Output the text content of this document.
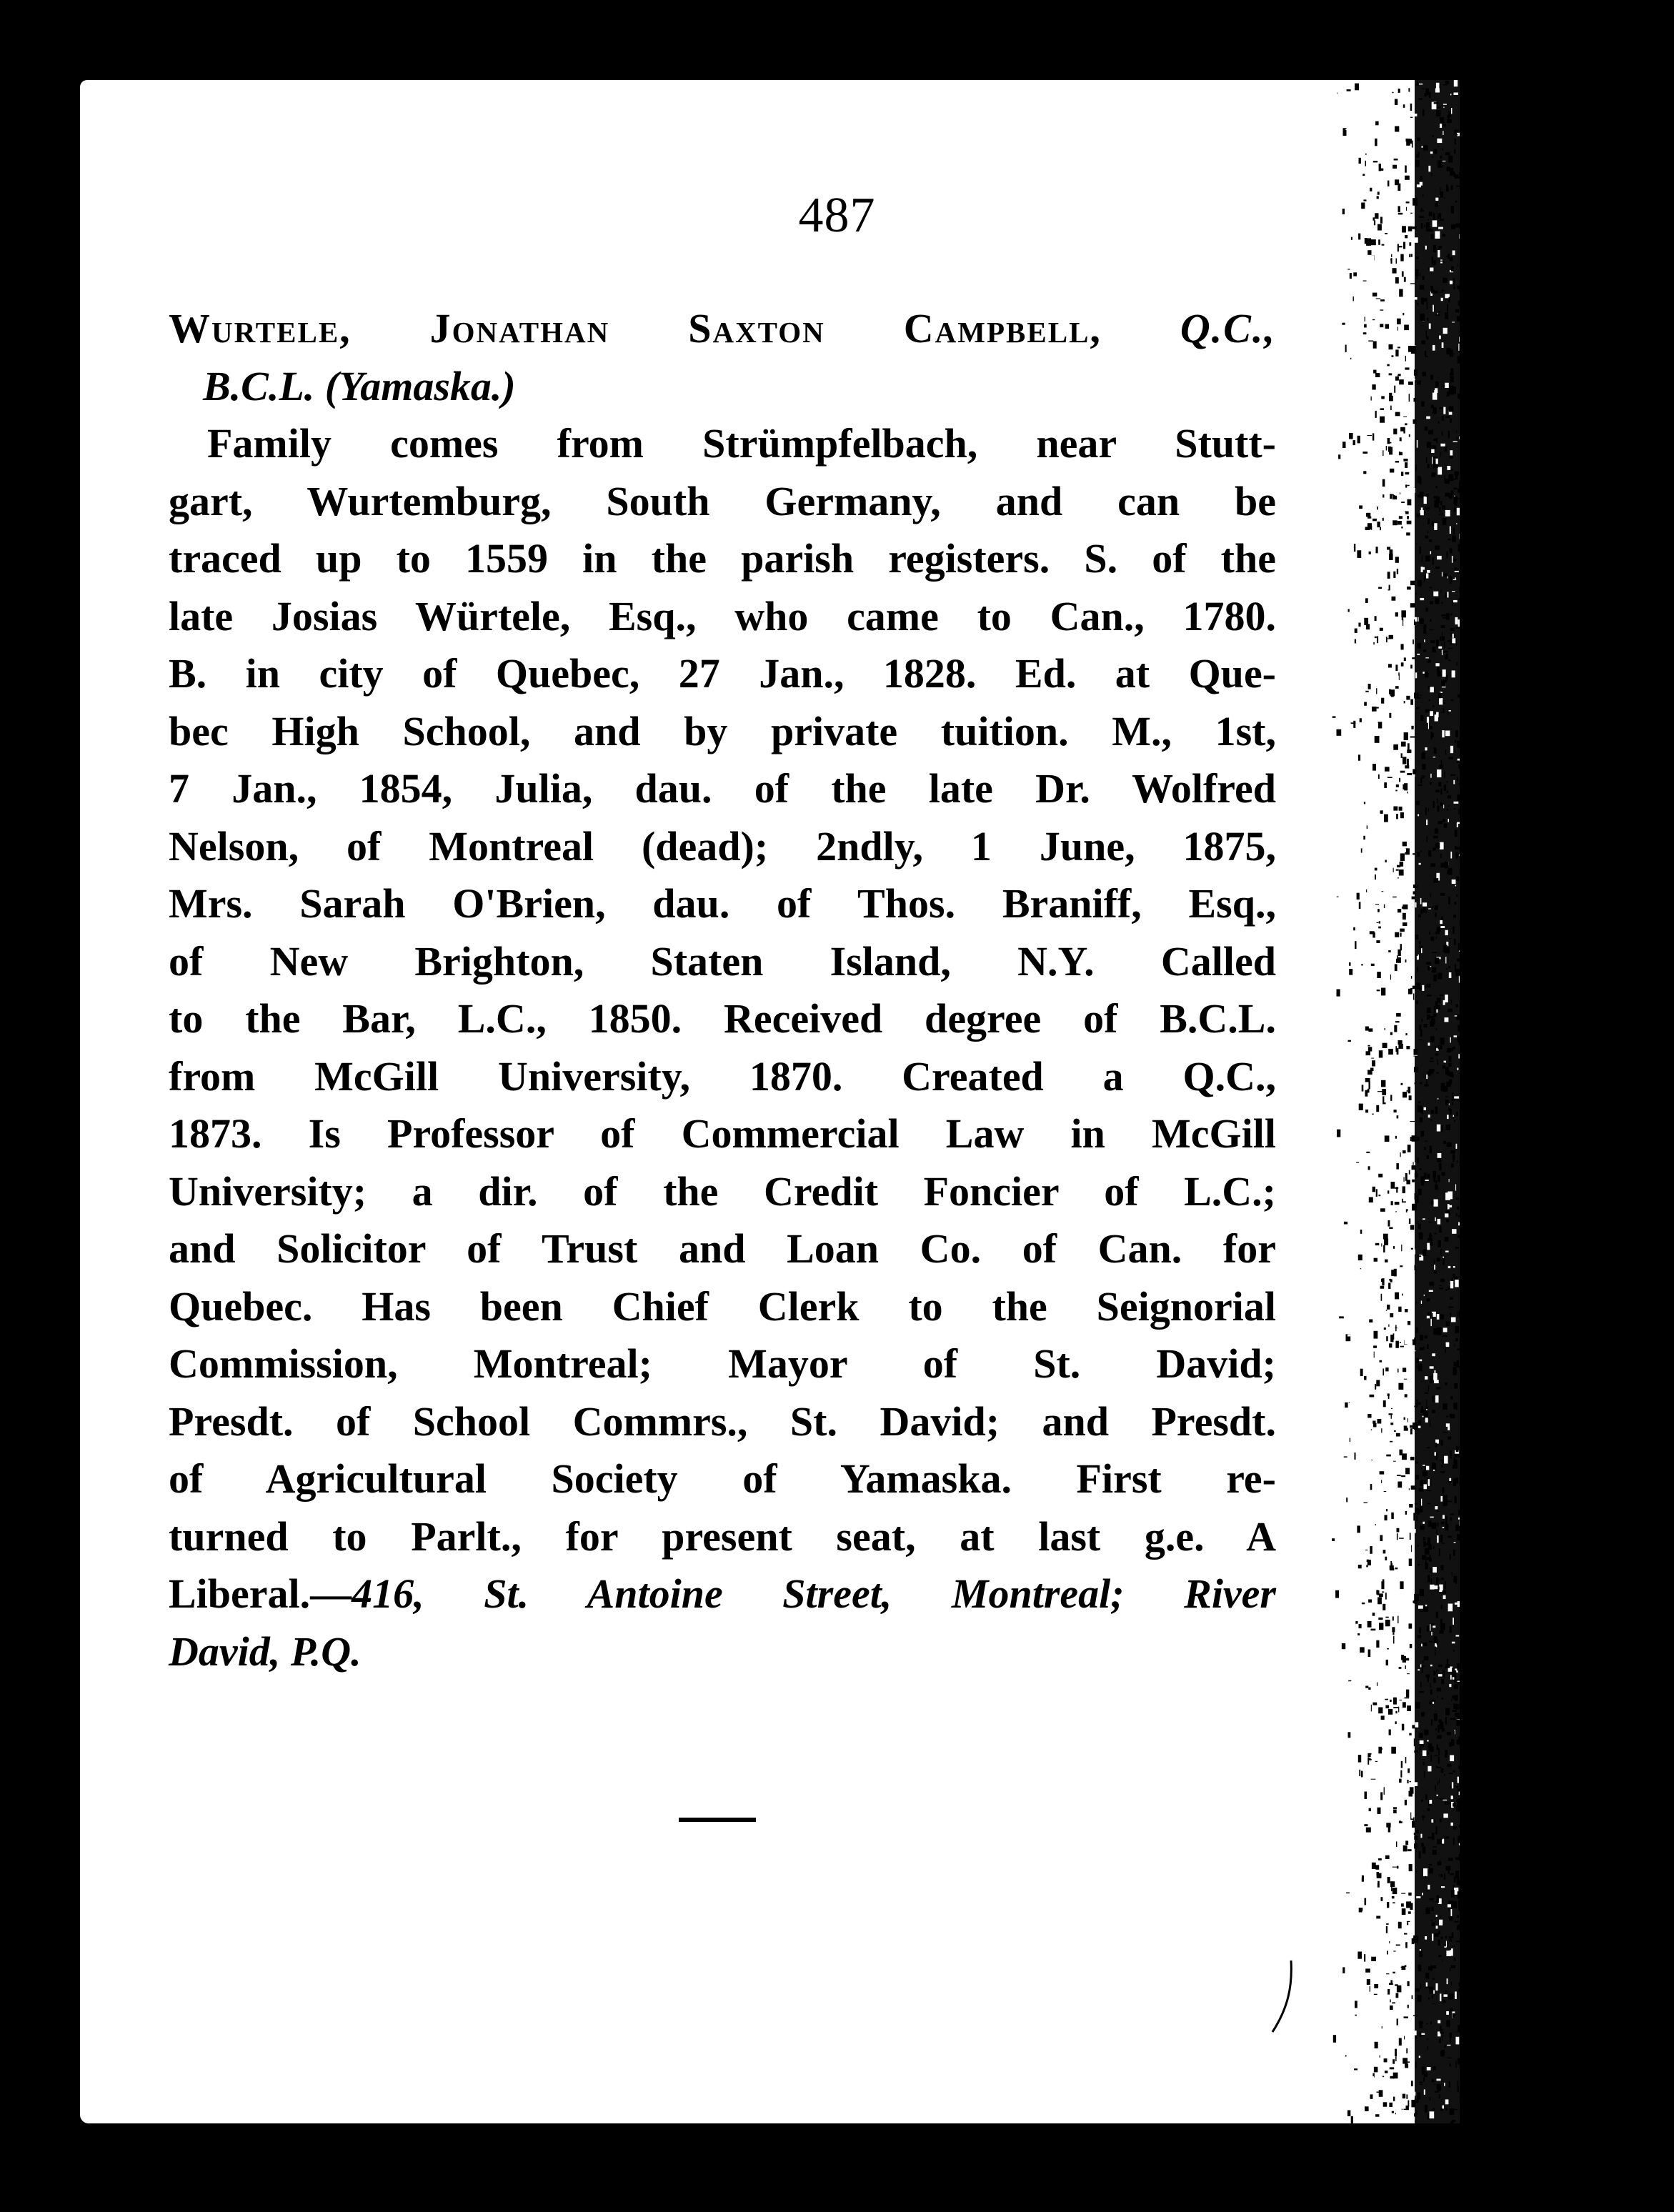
487
Wurtele, Jonathan Saxton Campbell, Q.C.,
B.C.L. (Yamaska.)
Family comes from Strümpfelbach, near Stutt-
gart, Wurtemburg, South Germany, and can be
traced up to 1559 in the parish registers. S. of the
late Josias Würtele, Esq., who came to Can., 1780.
B. in city of Quebec, 27 Jan., 1828. Ed. at Que-
bec High School, and by private tuition. M., 1st,
7 Jan., 1854, Julia, dau. of the late Dr. Wolfred
Nelson, of Montreal (dead); 2ndly, 1 June, 1875,
Mrs. Sarah O'Brien, dau. of Thos. Braniff, Esq.,
of New Brighton, Staten Island, N.Y. Called
to the Bar, L.C., 1850. Received degree of B.C.L.
from McGill University, 1870. Created a Q.C.,
1873. Is Professor of Commercial Law in McGill
University; a dir. of the Credit Foncier of L.C.;
and Solicitor of Trust and Loan Co. of Can. for
Quebec. Has been Chief Clerk to the Seignorial
Commission, Montreal; Mayor of St. David;
Presdt. of School Commrs., St. David; and Presdt.
of Agricultural Society of Yamaska. First re-
turned to Parlt., for present seat, at last g.e. A
Liberal.—416, St. Antoine Street, Montreal; River
David, P.Q.
